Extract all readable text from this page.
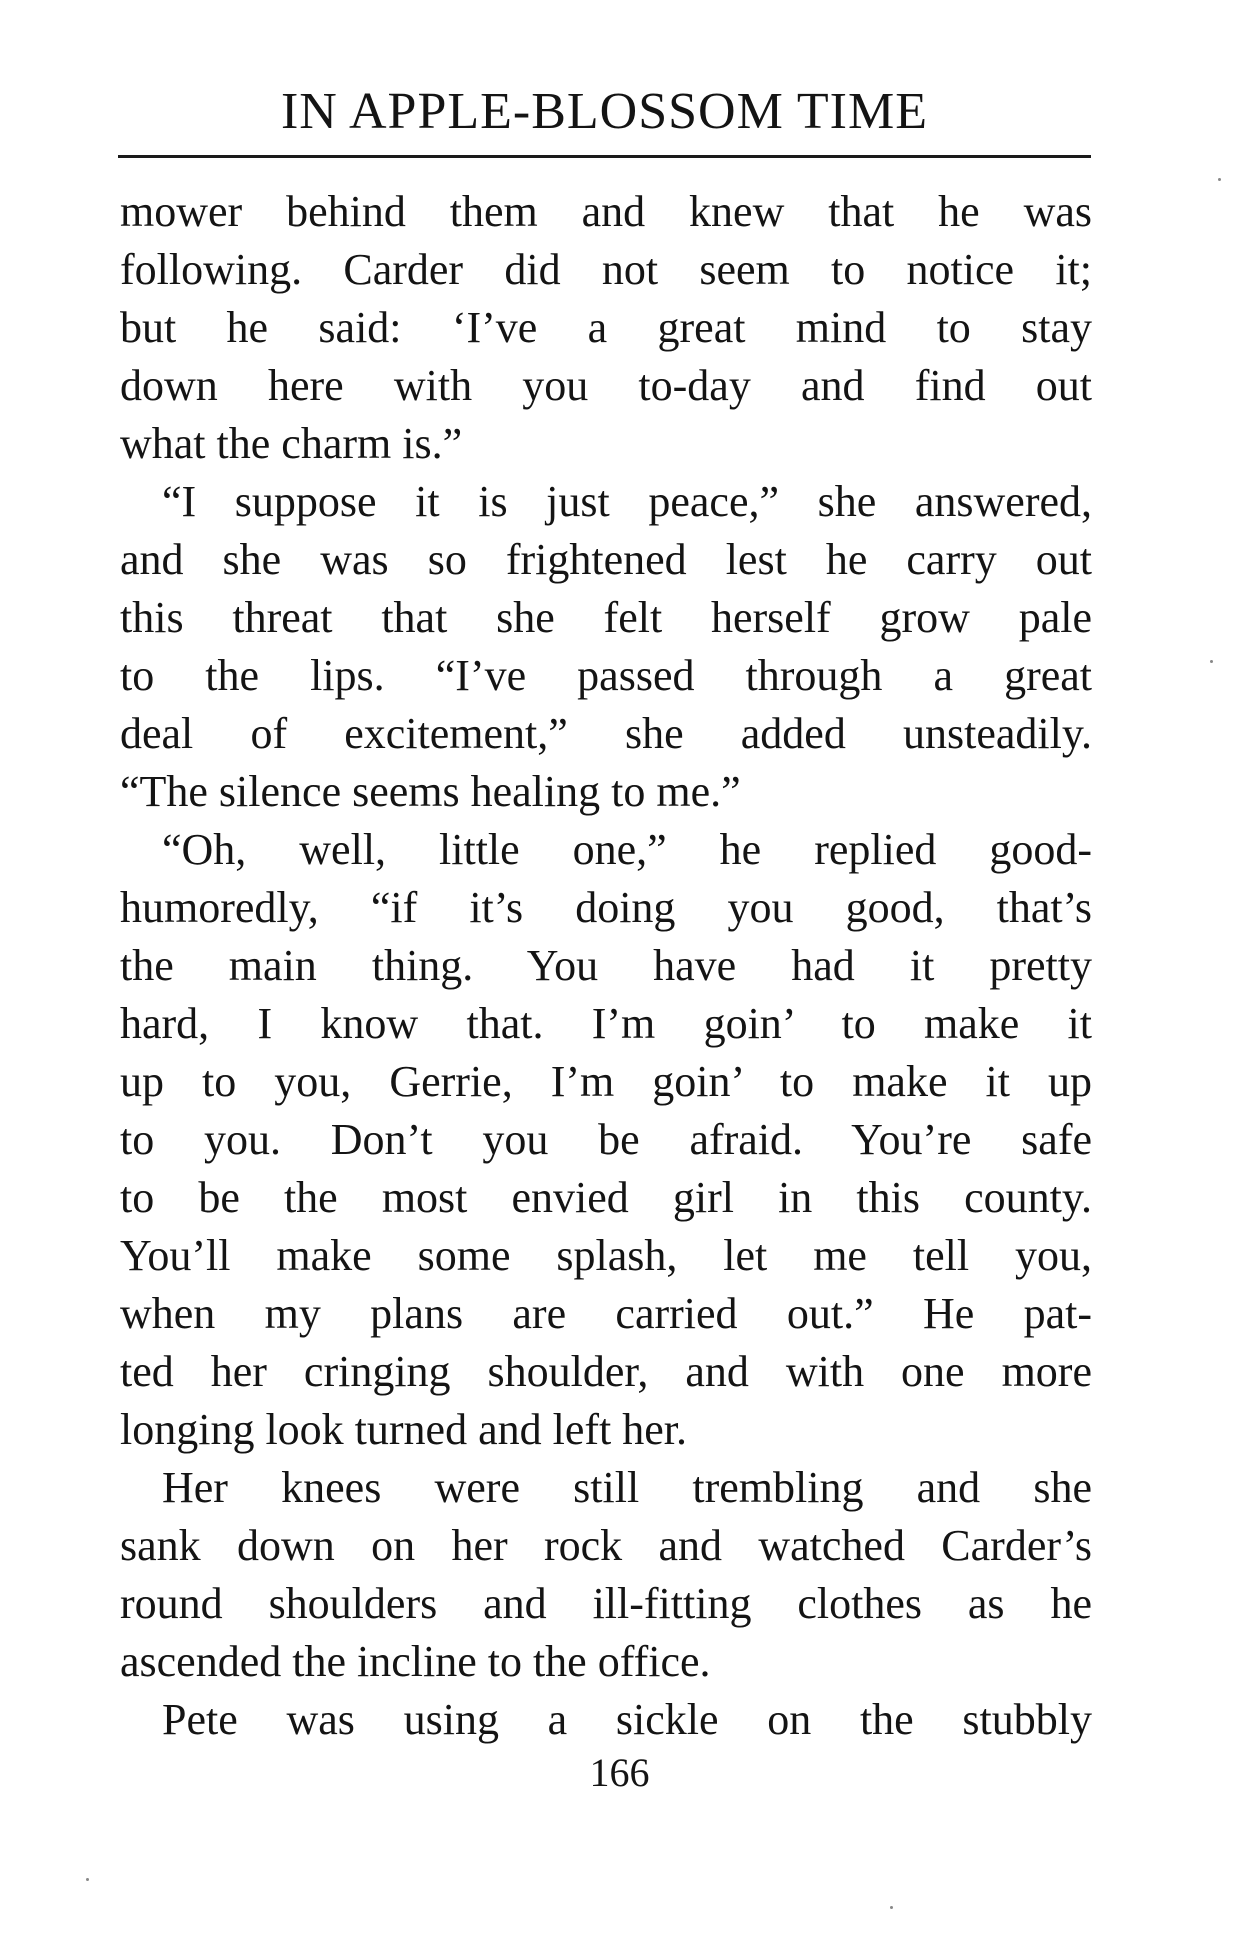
IN APPLE-BLOSSOM TIME
mower behind them and knew that he was
following. Carder did not seem to notice it;
but he said: ‘I’ve a great mind to stay
down here with you to-day and find out
what the charm is.”
“I suppose it is just peace,” she answered,
and she was so frightened lest he carry out
this threat that she felt herself grow pale
to the lips. “I’ve passed through a great
deal of excitement,” she added unsteadily.
“The silence seems healing to me.”
“Oh, well, little one,” he replied good-
humoredly, “if it’s doing you good, that’s
the main thing. You have had it pretty
hard, I know that. I’m goin’ to make it
up to you, Gerrie, I’m goin’ to make it up
to you. Don’t you be afraid. You’re safe
to be the most envied girl in this county.
You’ll make some splash, let me tell you,
when my plans are carried out.” He pat-
ted her cringing shoulder, and with one more
longing look turned and left her.
Her knees were still trembling and she
sank down on her rock and watched Carder’s
round shoulders and ill-fitting clothes as he
ascended the incline to the office.
Pete was using a sickle on the stubbly
166
